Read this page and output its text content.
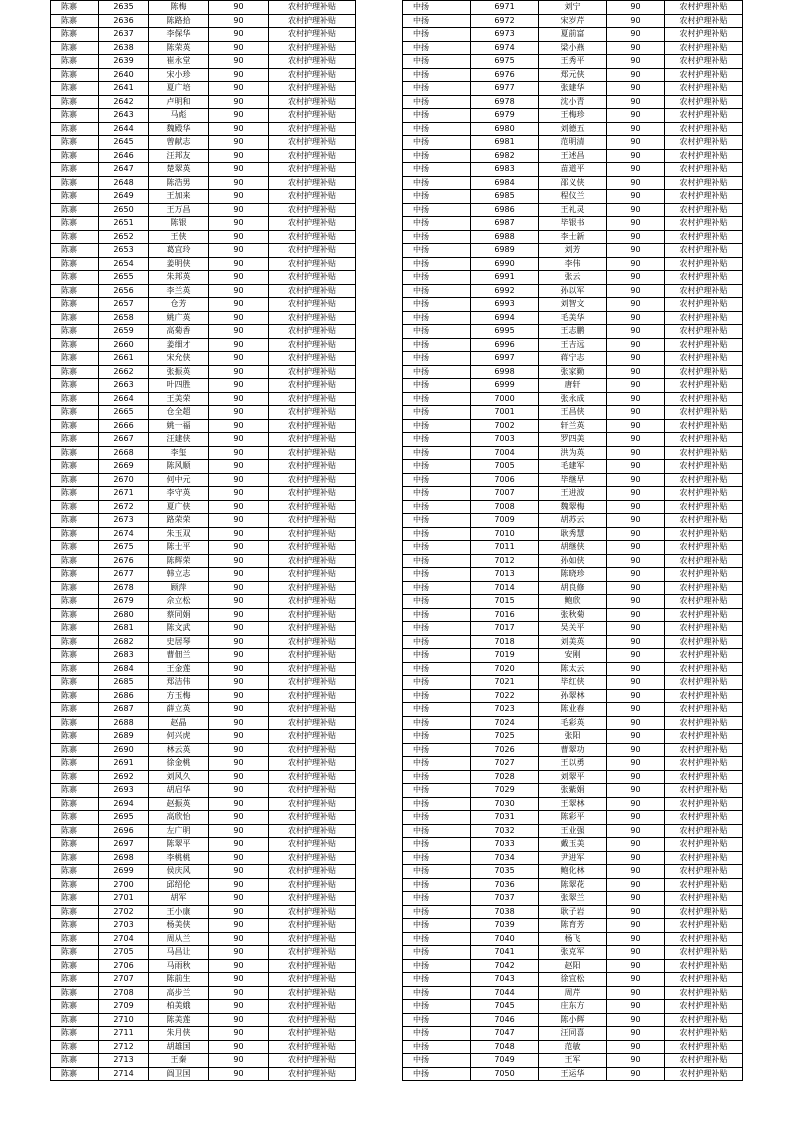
陈寨	2635	陈梅	90	农村护理补贴
陈寨	2636	陈路拾	90	农村护理补贴
陈寨	2637	李保华	90	农村护理补贴
陈寨	2638	陈荣英	90	农村护理补贴
陈寨	2639	崔永堂	90	农村护理补贴
陈寨	2640	宋小珍	90	农村护理补贴
陈寨	2641	夏广培	90	农村护理补贴
陈寨	2642	卢明和	90	农村护理补贴
陈寨	2643	马彪	90	农村护理补贴
陈寨	2644	魏殿华	90	农村护理补贴
陈寨	2645	曾献志	90	农村护理补贴
陈寨	2646	汪邦友	90	农村护理补贴
陈寨	2647	楚翠英	90	农村护理补贴
陈寨	2648	陈浩男	90	农村护理补贴
陈寨	2649	王加来	90	农村护理补贴
陈寨	2650	王万昌	90	农村护理补贴
陈寨	2651	陈银	90	农村护理补贴
陈寨	2652	王侠	90	农村护理补贴
陈寨	2653	葛宜玲	90	农村护理补贴
陈寨	2654	姜明侠	90	农村护理补贴
陈寨	2655	朱邦英	90	农村护理补贴
陈寨	2656	李兰英	90	农村护理补贴
陈寨	2657	仓芳	90	农村护理补贴
陈寨	2658	姚广英	90	农村护理补贴
陈寨	2659	高菊香	90	农村护理补贴
陈寨	2660	姜细才	90	农村护理补贴
陈寨	2661	宋允侠	90	农村护理补贴
陈寨	2662	张振英	90	农村护理补贴
陈寨	2663	叶四胜	90	农村护理补贴
陈寨	2664	王美荣	90	农村护理补贴
陈寨	2665	仓全超	90	农村护理补贴
陈寨	2666	姚一福	90	农村护理补贴
陈寨	2667	汪建侠	90	农村护理补贴
陈寨	2668	李玺	90	农村护理补贴
陈寨	2669	陈风顺	90	农村护理补贴
陈寨	2670	何中元	90	农村护理补贴
陈寨	2671	李守英	90	农村护理补贴
陈寨	2672	夏广侠	90	农村护理补贴
陈寨	2673	路荣荣	90	农村护理补贴
陈寨	2674	朱玉双	90	农村护理补贴
陈寨	2675	陈士平	90	农村护理补贴
陈寨	2676	陈辉荣	90	农村护理补贴
陈寨	2677	韩立志	90	农村护理补贴
陈寨	2678	顾萍	90	农村护理补贴
陈寨	2679	佘立松	90	农村护理补贴
陈寨	2680	蔡同娟	90	农村护理补贴
陈寨	2681	陈文武	90	农村护理补贴
陈寨	2682	史居琴	90	农村护理补贴
陈寨	2683	曹佃兰	90	农村护理补贴
陈寨	2684	王金莲	90	农村护理补贴
陈寨	2685	郑洁伟	90	农村护理补贴
陈寨	2686	方玉梅	90	农村护理补贴
陈寨	2687	薛立英	90	农村护理补贴
陈寨	2688	赵晶	90	农村护理补贴
陈寨	2689	何兴虎	90	农村护理补贴
陈寨	2690	林云英	90	农村护理补贴
陈寨	2691	徐金桃	90	农村护理补贴
陈寨	2692	刘风久	90	农村护理补贴
陈寨	2693	胡启华	90	农村护理补贴
陈寨	2694	赵振英	90	农村护理补贴
陈寨	2695	高欣怡	90	农村护理补贴
陈寨	2696	左广明	90	农村护理补贴
陈寨	2697	陈翠平	90	农村护理补贴
陈寨	2698	李桃桃	90	农村护理补贴
陈寨	2699	侯庆风	90	农村护理补贴
陈寨	2700	邱绍伦	90	农村护理补贴
陈寨	2701	胡军	90	农村护理补贴
陈寨	2702	王小康	90	农村护理补贴
陈寨	2703	杨美侠	90	农村护理补贴
陈寨	2704	周从兰	90	农村护理补贴
陈寨	2705	马昌让	90	农村护理补贴
陈寨	2706	马雨秋	90	农村护理补贴
陈寨	2707	陈前生	90	农村护理补贴
陈寨	2708	高步兰	90	农村护理补贴
陈寨	2709	柏美娥	90	农村护理补贴
陈寨	2710	陈美莲	90	农村护理补贴
陈寨	2711	朱月侠	90	农村护理补贴
陈寨	2712	胡雄国	90	农村护理补贴
陈寨	2713	王秦	90	农村护理补贴
陈寨	2714	阎卫国	90	农村护理补贴
中扬	6971	刘宁	90	农村护理补贴
中扬	6972	宋岁芹	90	农村护理补贴
中扬	6973	夏前富	90	农村护理补贴
中扬	6974	梁小燕	90	农村护理补贴
中扬	6975	王秀平	90	农村护理补贴
中扬	6976	郑元侠	90	农村护理补贴
中扬	6977	张建华	90	农村护理补贴
中扬	6978	沈小青	90	农村护理补贴
中扬	6979	王梅珍	90	农村护理补贴
中扬	6980	刘德五	90	农村护理补贴
中扬	6981	范明清	90	农村护理补贴
中扬	6982	王述昌	90	农村护理补贴
中扬	6983	苗道平	90	农村护理补贴
中扬	6984	邵义侠	90	农村护理补贴
中扬	6985	程仪兰	90	农村护理补贴
中扬	6986	王礼灵	90	农村护理补贴
中扬	6987	毕银书	90	农村护理补贴
中扬	6988	李士新	90	农村护理补贴
中扬	6989	刘芳	90	农村护理补贴
中扬	6990	李伟	90	农村护理补贴
中扬	6991	张云	90	农村护理补贴
中扬	6992	孙以军	90	农村护理补贴
中扬	6993	刘智文	90	农村护理补贴
中扬	6994	毛美华	90	农村护理补贴
中扬	6995	王志鹏	90	农村护理补贴
中扬	6996	王吉远	90	农村护理补贴
中扬	6997	蒋宁志	90	农村护理补贴
中扬	6998	张家勤	90	农村护理补贴
中扬	6999	唐轩	90	农村护理补贴
中扬	7000	张永成	90	农村护理补贴
中扬	7001	王昌侠	90	农村护理补贴
中扬	7002	轩兰英	90	农村护理补贴
中扬	7003	罗四美	90	农村护理补贴
中扬	7004	洪为英	90	农村护理补贴
中扬	7005	毛建军	90	农村护理补贴
中扬	7006	毕继早	90	农村护理补贴
中扬	7007	王进波	90	农村护理补贴
中扬	7008	魏翠梅	90	农村护理补贴
中扬	7009	胡苏云	90	农村护理补贴
中扬	7010	耿秀慧	90	农村护理补贴
中扬	7011	胡继侠	90	农村护理补贴
中扬	7012	孙如侠	90	农村护理补贴
中扬	7013	陈晓珍	90	农村护理补贴
中扬	7014	胡良修	90	农村护理补贴
中扬	7015	鲍欣	90	农村护理补贴
中扬	7016	张秋菊	90	农村护理补贴
中扬	7017	吴关平	90	农村护理补贴
中扬	7018	刘美英	90	农村护理补贴
中扬	7019	安刚	90	农村护理补贴
中扬	7020	陈太云	90	农村护理补贴
中扬	7021	毕红侠	90	农村护理补贴
中扬	7022	孙翠林	90	农村护理补贴
中扬	7023	陈业春	90	农村护理补贴
中扬	7024	毛彩英	90	农村护理补贴
中扬	7025	张阳	90	农村护理补贴
中扬	7026	曹翠功	90	农村护理补贴
中扬	7027	王以勇	90	农村护理补贴
中扬	7028	刘翠平	90	农村护理补贴
中扬	7029	张紫娟	90	农村护理补贴
中扬	7030	王翠林	90	农村护理补贴
中扬	7031	陈彩平	90	农村护理补贴
中扬	7032	王业强	90	农村护理补贴
中扬	7033	戴玉美	90	农村护理补贴
中扬	7034	尹进军	90	农村护理补贴
中扬	7035	鲍化林	90	农村护理补贴
中扬	7036	陈翠花	90	农村护理补贴
中扬	7037	张翠兰	90	农村护理补贴
中扬	7038	耿子岩	90	农村护理补贴
中扬	7039	陈育芳	90	农村护理补贴
中扬	7040	杨飞	90	农村护理补贴
中扬	7041	张克军	90	农村护理补贴
中扬	7042	赵阳	90	农村护理补贴
中扬	7043	徐宜松	90	农村护理补贴
中扬	7044	周芹	90	农村护理补贴
中扬	7045	庄东方	90	农村护理补贴
中扬	7046	陈小辉	90	农村护理补贴
中扬	7047	汪同喜	90	农村护理补贴
中扬	7048	范敏	90	农村护理补贴
中扬	7049	王军	90	农村护理补贴
中扬	7050	王运华	90	农村护理补贴
